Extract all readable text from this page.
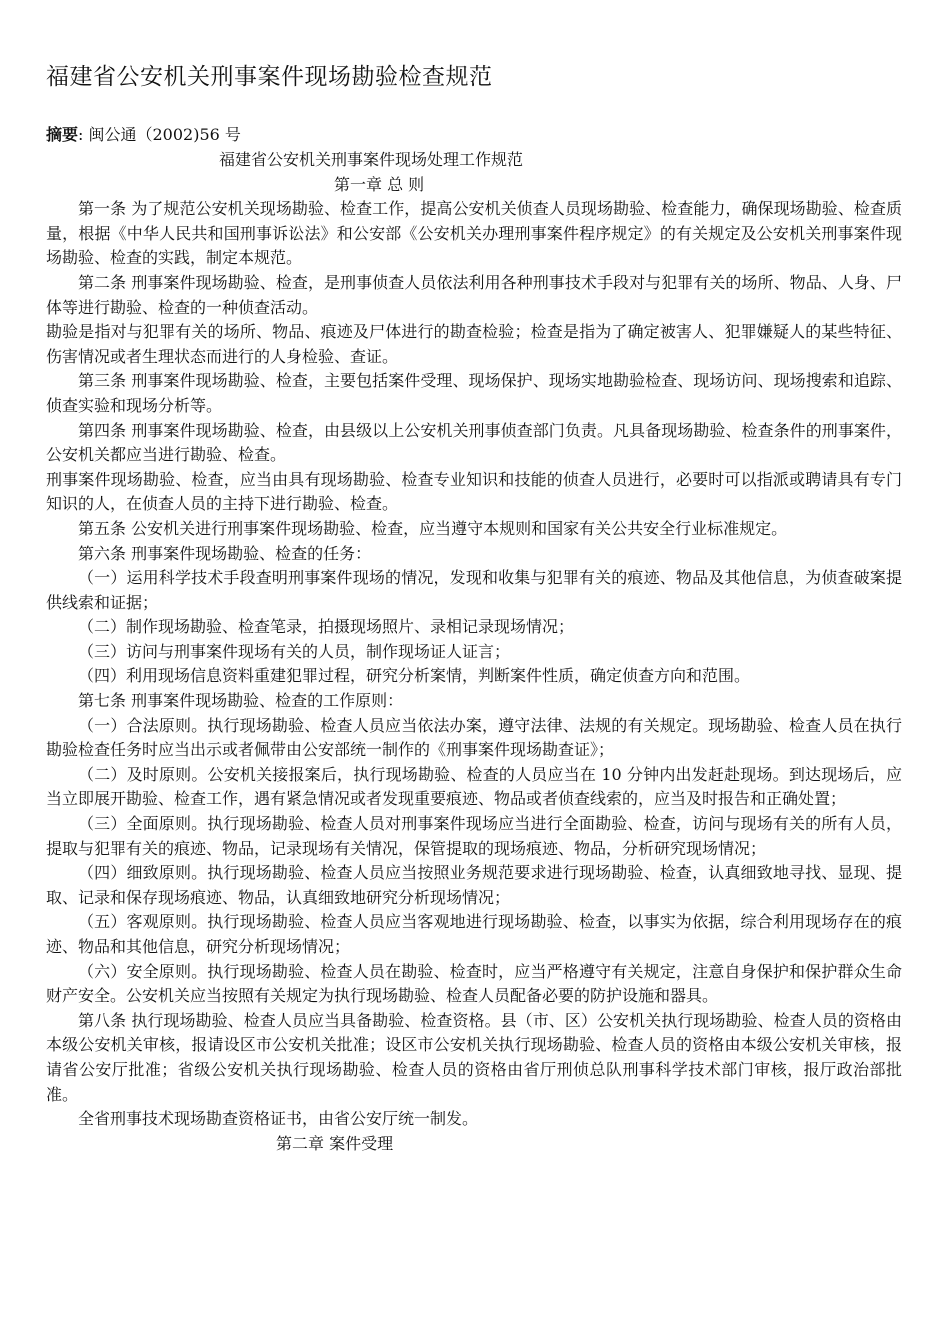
福建省公安机关刑事案件现场勘验检查规范
摘要: 闽公通（2002)56 号

福建省公安机关刑事案件现场处理工作规范

第一章 总 则

第一条 为了规范公安机关现场勘验、检查工作，提高公安机关侦查人员现场勘验、检查能力，确保现场勘验、检查质量，根据《中华人民共和国刑事诉讼法》和公安部《公安机关办理刑事案件程序规定》的有关规定及公安机关刑事案件现场勘验、检查的实践，制定本规范。

第二条 刑事案件现场勘验、检查，是刑事侦查人员依法利用各种刑事技术手段对与犯罪有关的场所、物品、人身、尸体等进行勘验、检查的一种侦查活动。

勘验是指对与犯罪有关的场所、物品、痕迹及尸体进行的勘查检验；检查是指为了确定被害人、犯罪嫌疑人的某些特征、伤害情况或者生理状态而进行的人身检验、查证。

第三条 刑事案件现场勘验、检查，主要包括案件受理、现场保护、现场实地勘验检查、现场访问、现场搜索和追踪、侦查实验和现场分析等。

第四条 刑事案件现场勘验、检查，由县级以上公安机关刑事侦查部门负责。凡具备现场勘验、检查条件的刑事案件，公安机关都应当进行勘验、检查。

刑事案件现场勘验、检查，应当由具有现场勘验、检查专业知识和技能的侦查人员进行，必要时可以指派或聘请具有专门知识的人，在侦查人员的主持下进行勘验、检查。

第五条 公安机关进行刑事案件现场勘验、检查，应当遵守本规则和国家有关公共安全行业标准规定。

第六条 刑事案件现场勘验、检查的任务：

（一）运用科学技术手段查明刑事案件现场的情况，发现和收集与犯罪有关的痕迹、物品及其他信息，为侦查破案提供线索和证据；

（二）制作现场勘验、检查笔录，拍摄现场照片、录相记录现场情况；

（三）访问与刑事案件现场有关的人员，制作现场证人证言；

（四）利用现场信息资料重建犯罪过程，研究分析案情，判断案件性质，确定侦查方向和范围。

第七条 刑事案件现场勘验、检查的工作原则：

（一）合法原则。执行现场勘验、检查人员应当依法办案，遵守法律、法规的有关规定。现场勘验、检查人员在执行勘验检查任务时应当出示或者佩带由公安部统一制作的《刑事案件现场勘查证》；

（二）及时原则。公安机关接报案后，执行现场勘验、检查的人员应当在 10 分钟内出发赶赴现场。到达现场后，应当立即展开勘验、检查工作，遇有紧急情况或者发现重要痕迹、物品或者侦查线索的，应当及时报告和正确处置；

（三）全面原则。执行现场勘验、检查人员对刑事案件现场应当进行全面勘验、检查，访问与现场有关的所有人员，提取与犯罪有关的痕迹、物品，记录现场有关情况，保管提取的现场痕迹、物品，分析研究现场情况；

（四）细致原则。执行现场勘验、检查人员应当按照业务规范要求进行现场勘验、检查，认真细致地寻找、显现、提取、记录和保存现场痕迹、物品，认真细致地研究分析现场情况；

（五）客观原则。执行现场勘验、检查人员应当客观地进行现场勘验、检查，以事实为依据，综合利用现场存在的痕迹、物品和其他信息，研究分析现场情况；

（六）安全原则。执行现场勘验、检查人员在勘验、检查时，应当严格遵守有关规定，注意自身保护和保护群众生命财产安全。公安机关应当按照有关规定为执行现场勘验、检查人员配备必要的防护设施和器具。

第八条 执行现场勘验、检查人员应当具备勘验、检查资格。县（市、区）公安机关执行现场勘验、检查人员的资格由本级公安机关审核，报请设区市公安机关批准；设区市公安机关执行现场勘验、检查人员的资格由本级公安机关审核，报请省公安厅批准；省级公安机关执行现场勘验、检查人员的资格由省厅刑侦总队刑事科学技术部门审核，报厅政治部批准。

全省刑事技术现场勘查资格证书，由省公安厅统一制发。

第二章 案件受理
